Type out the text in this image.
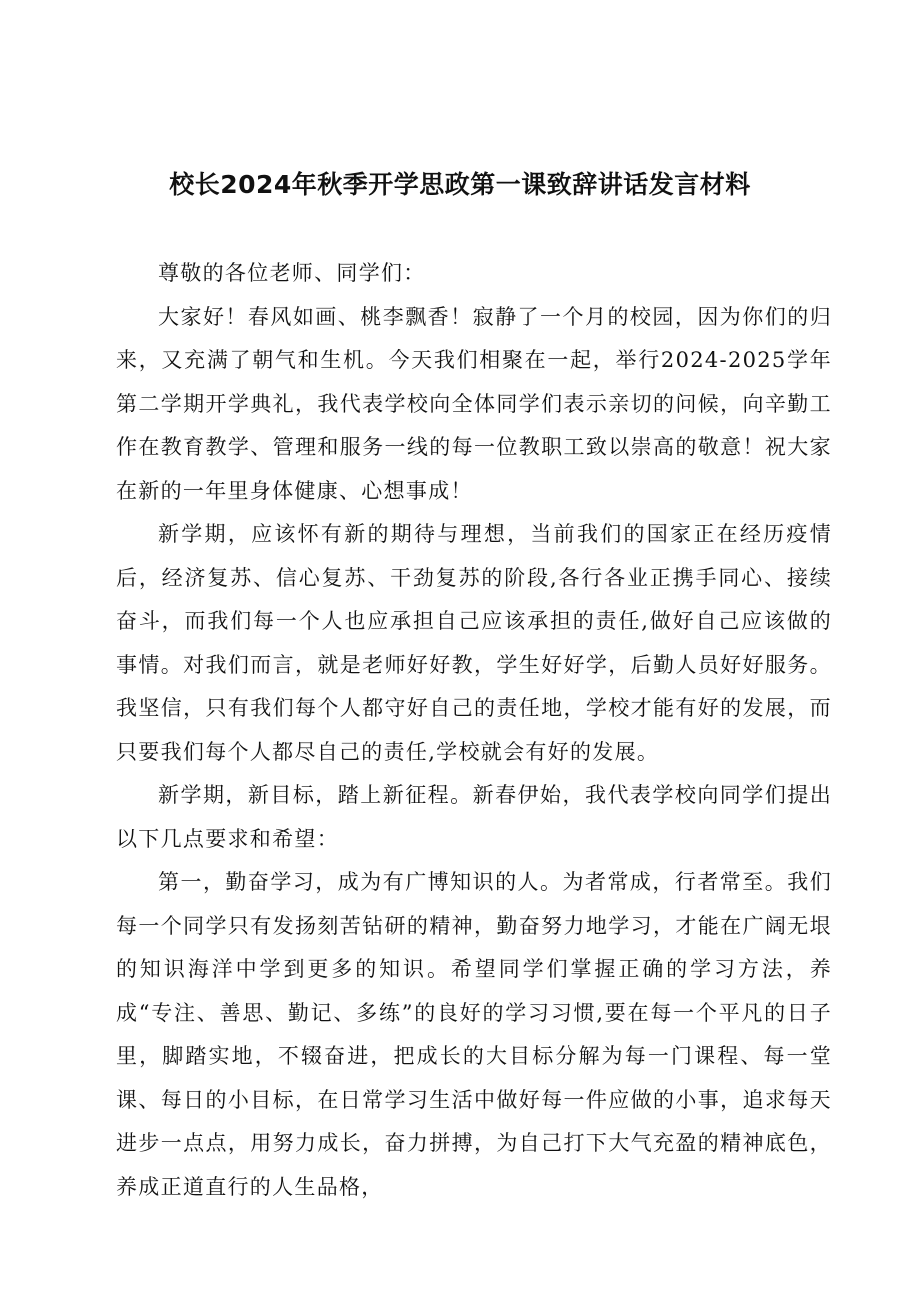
校长2024年秋季开学思政第一课致辞讲话发言材料

尊敬的各位老师、同学们：

大家好！春风如画、桃李飘香！寂静了一个月的校园，因为你们的归来，又充满了朝气和生机。今天我们相聚在一起，举行2024-2025学年第二学期开学典礼，我代表学校向全体同学们表示亲切的问候，向辛勤工作在教育教学、管理和服务一线的每一位教职工致以崇高的敬意！祝大家在新的一年里身体健康、心想事成！

新学期，应该怀有新的期待与理想，当前我们的国家正在经历疫情后，经济复苏、信心复苏、干劲复苏的阶段,各行各业正携手同心、接续奋斗，而我们每一个人也应承担自己应该承担的责任,做好自己应该做的事情。对我们而言，就是老师好好教，学生好好学，后勤人员好好服务。我坚信，只有我们每个人都守好自己的责任地，学校才能有好的发展，而只要我们每个人都尽自己的责任,学校就会有好的发展。

新学期，新目标，踏上新征程。新春伊始，我代表学校向同学们提出以下几点要求和希望：

第一，勤奋学习，成为有广博知识的人。为者常成，行者常至。我们每一个同学只有发扬刻苦钻研的精神，勤奋努力地学习，才能在广阔无垠的知识海洋中学到更多的知识。希望同学们掌握正确的学习方法，养成“专注、善思、勤记、多练”的良好的学习习惯,要在每一个平凡的日子里，脚踏实地，不辍奋进，把成长的大目标分解为每一门课程、每一堂课、每日的小目标，在日常学习生活中做好每一件应做的小事，追求每天进步一点点，用努力成长，奋力拼搏，为自己打下大气充盈的精神底色，养成正道直行的人生品格，
